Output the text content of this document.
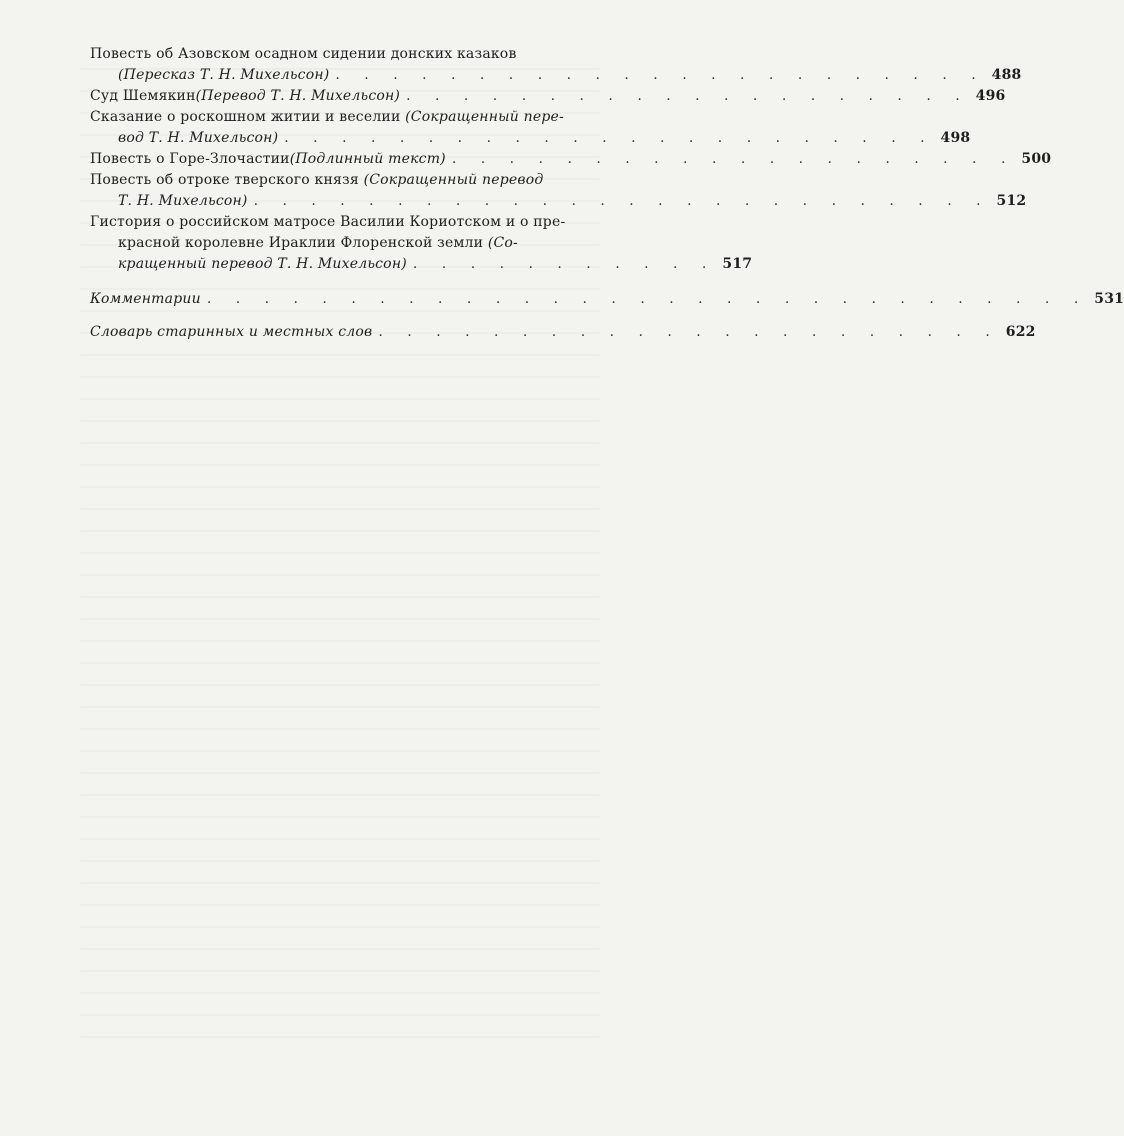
Повесть об Азовском осадном сидении донских казаков
(Пересказ Т. Н. Михельсон) . . . . . . . . . . . . . . . . . . . . . . . 488
Суд Шемякин (Перевод Т. Н. Михельсон) . . . . . . . . . . . . . . . . . . . . 496
Сказание о роскошном житии и веселии (Сокращенный пере-
вод Т. Н. Михельсон) . . . . . . . . . . . . . . . . . . . . . . . 498
Повесть о Горе-Злочастии (Подлинный текст) . . . . . . . . . . . . . . . . . . . . 500
Повесть об отроке тверского князя (Сокращенный перевод
Т. Н. Михельсон) . . . . . . . . . . . . . . . . . . . . . . . . . . 512
Гистория о российском матросе Василии Кориотском и о пре-
красной королевне Ираклии Флоренской земли (Со-
кращенный перевод Т. Н. Михельсон) . . . . . . . . . . . 517
Комментарии . . . . . . . . . . . . . . . . . . . . . . . . . . . . . . . 531
Словарь старинных и местных слов . . . . . . . . . . . . . . . . . . . . . . 622
